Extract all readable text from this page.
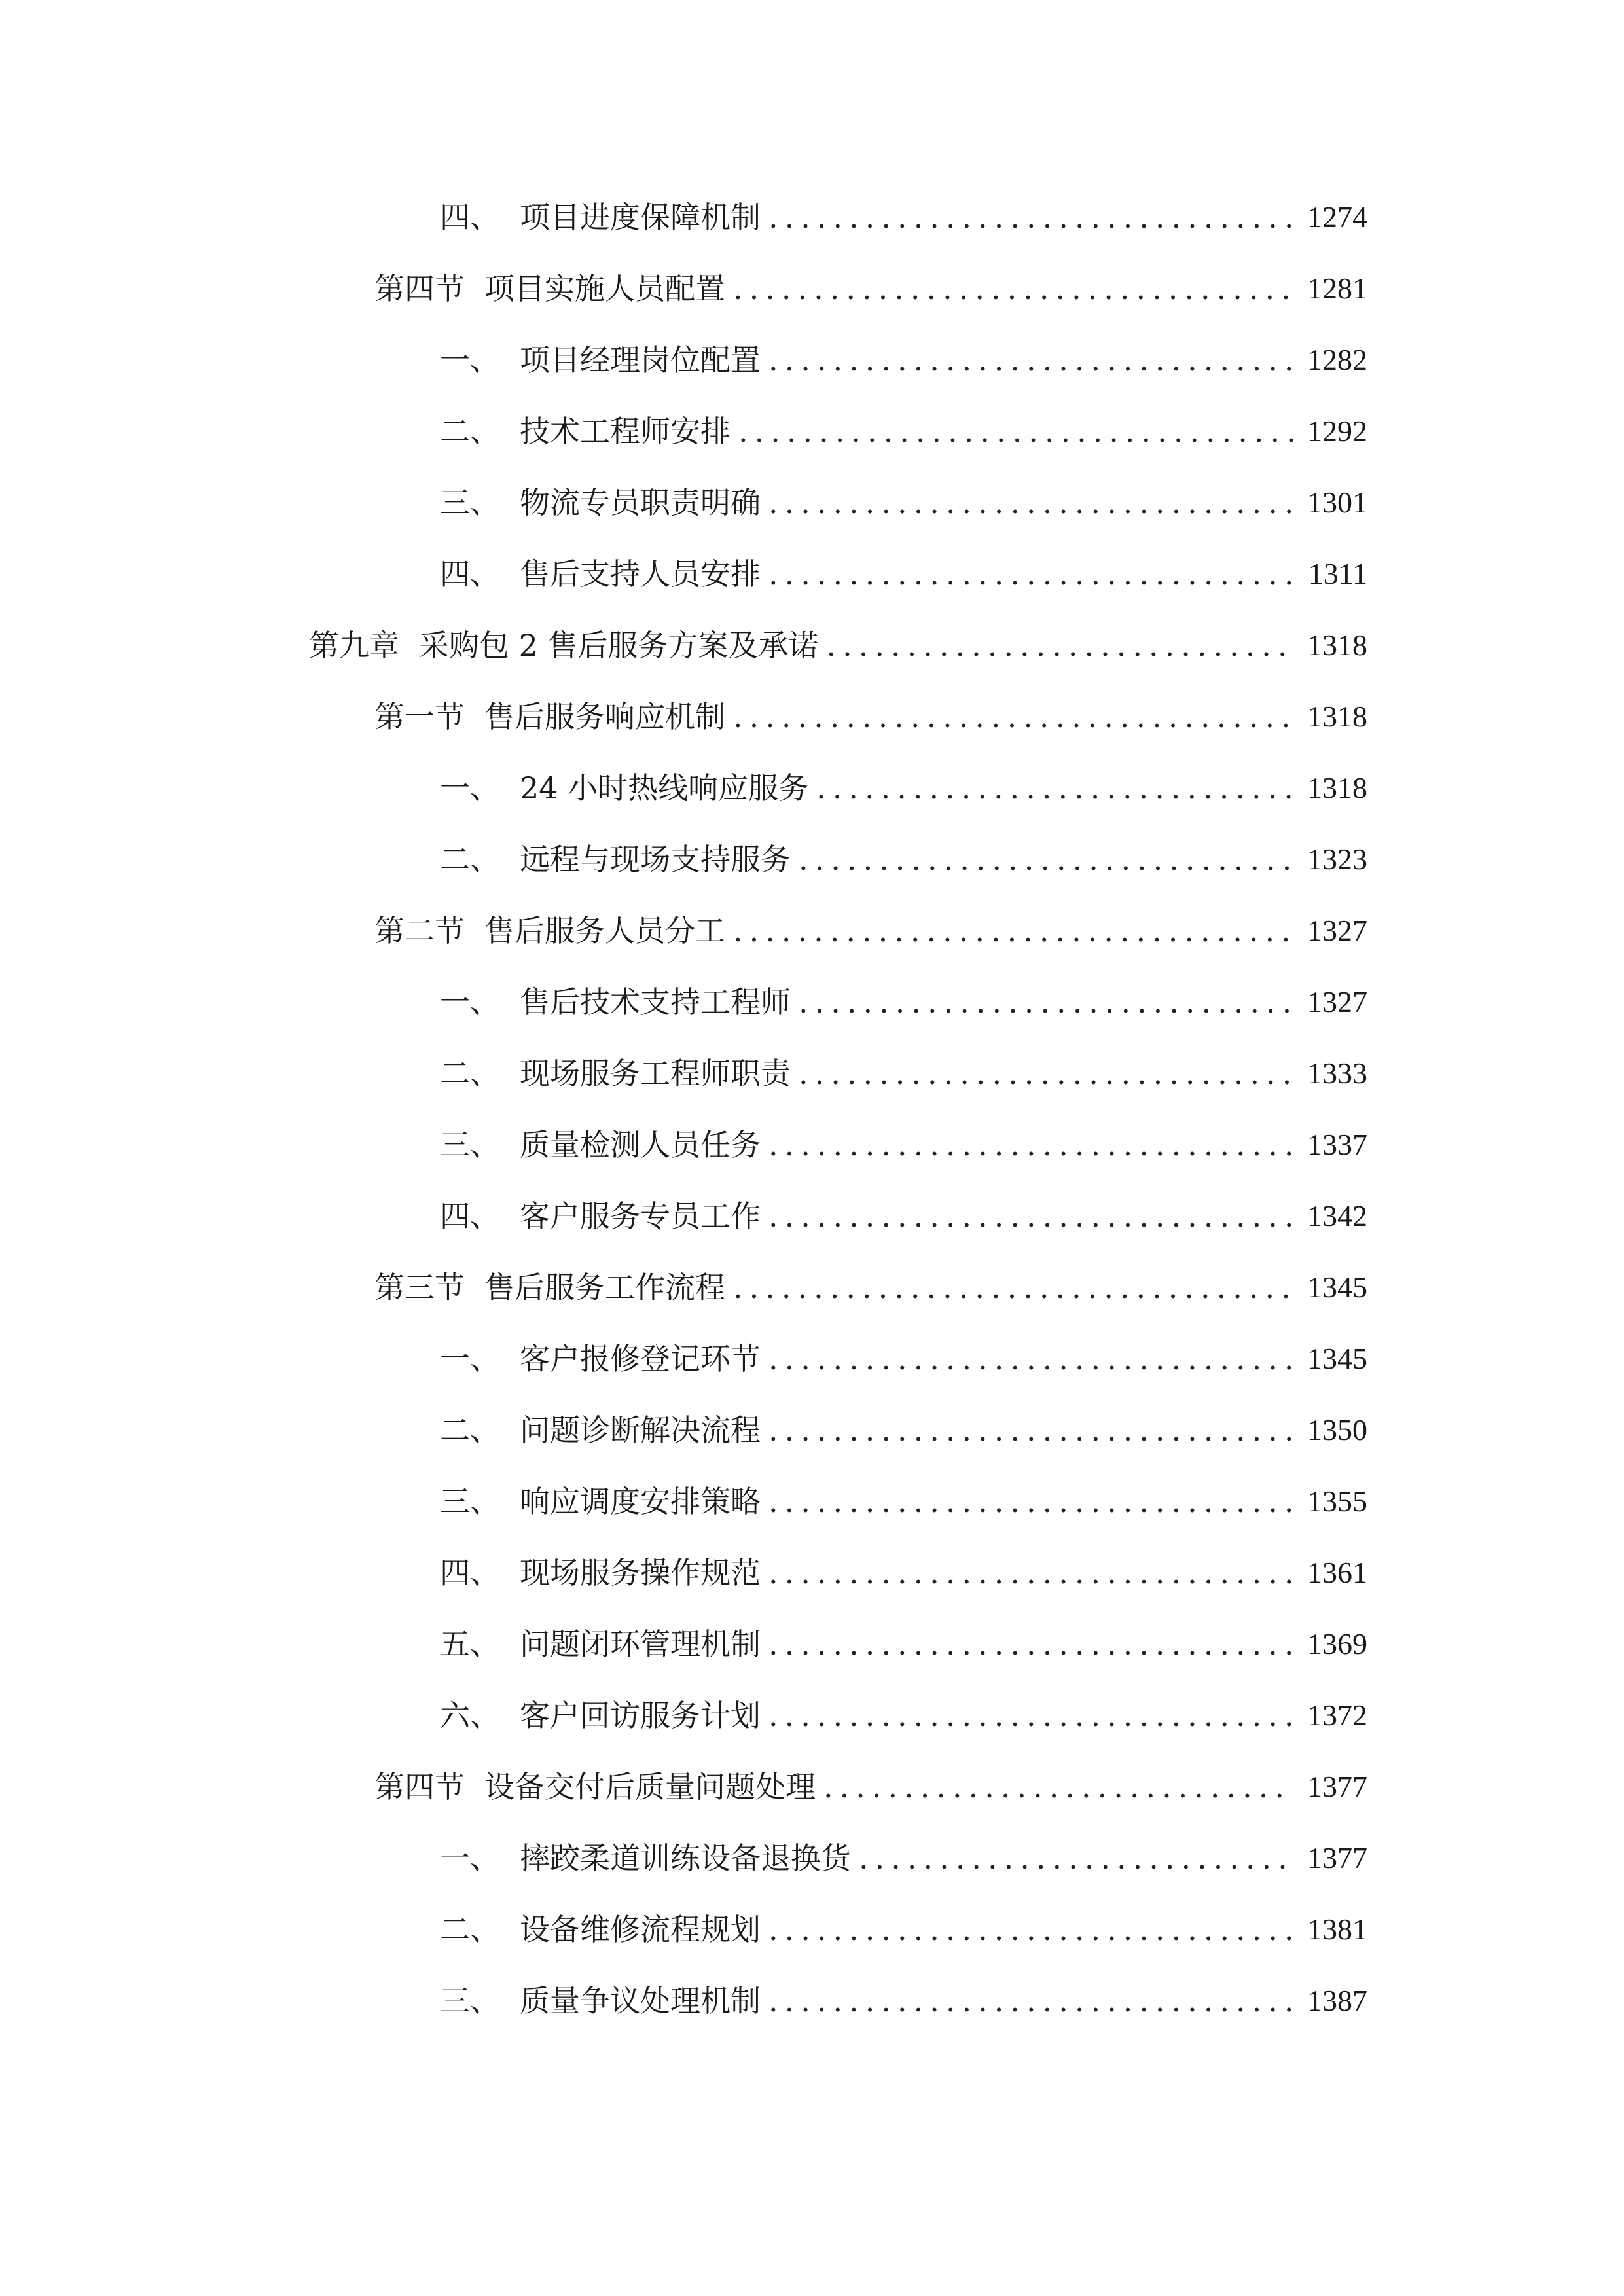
四、 项目进度保障机制 .....	1274
第四节 项目实施人员配置 .....	1281
一、 项目经理岗位配置 .....	1282
二、 技术工程师安排 .....	1292
三、 物流专员职责明确 .....	1301
四、 售后支持人员安排 .....	1311
第九章 采购包 2 售后服务方案及承诺 .....	1318
第一节 售后服务响应机制 .....	1318
一、 24 小时热线响应服务 .....	1318
二、 远程与现场支持服务 .....	1323
第二节 售后服务人员分工 .....	1327
一、 售后技术支持工程师 .....	1327
二、 现场服务工程师职责 .....	1333
三、 质量检测人员任务 .....	1337
四、 客户服务专员工作 .....	1342
第三节 售后服务工作流程 .....	1345
一、 客户报修登记环节 .....	1345
二、 问题诊断解决流程 .....	1350
三、 响应调度安排策略 .....	1355
四、 现场服务操作规范 .....	1361
五、 问题闭环管理机制 .....	1369
六、 客户回访服务计划 .....	1372
第四节 设备交付后质量问题处理 .....	1377
一、 摔跤柔道训练设备退换货 .....	1377
二、 设备维修流程规划 .....	1381
三、 质量争议处理机制 .....	1387
